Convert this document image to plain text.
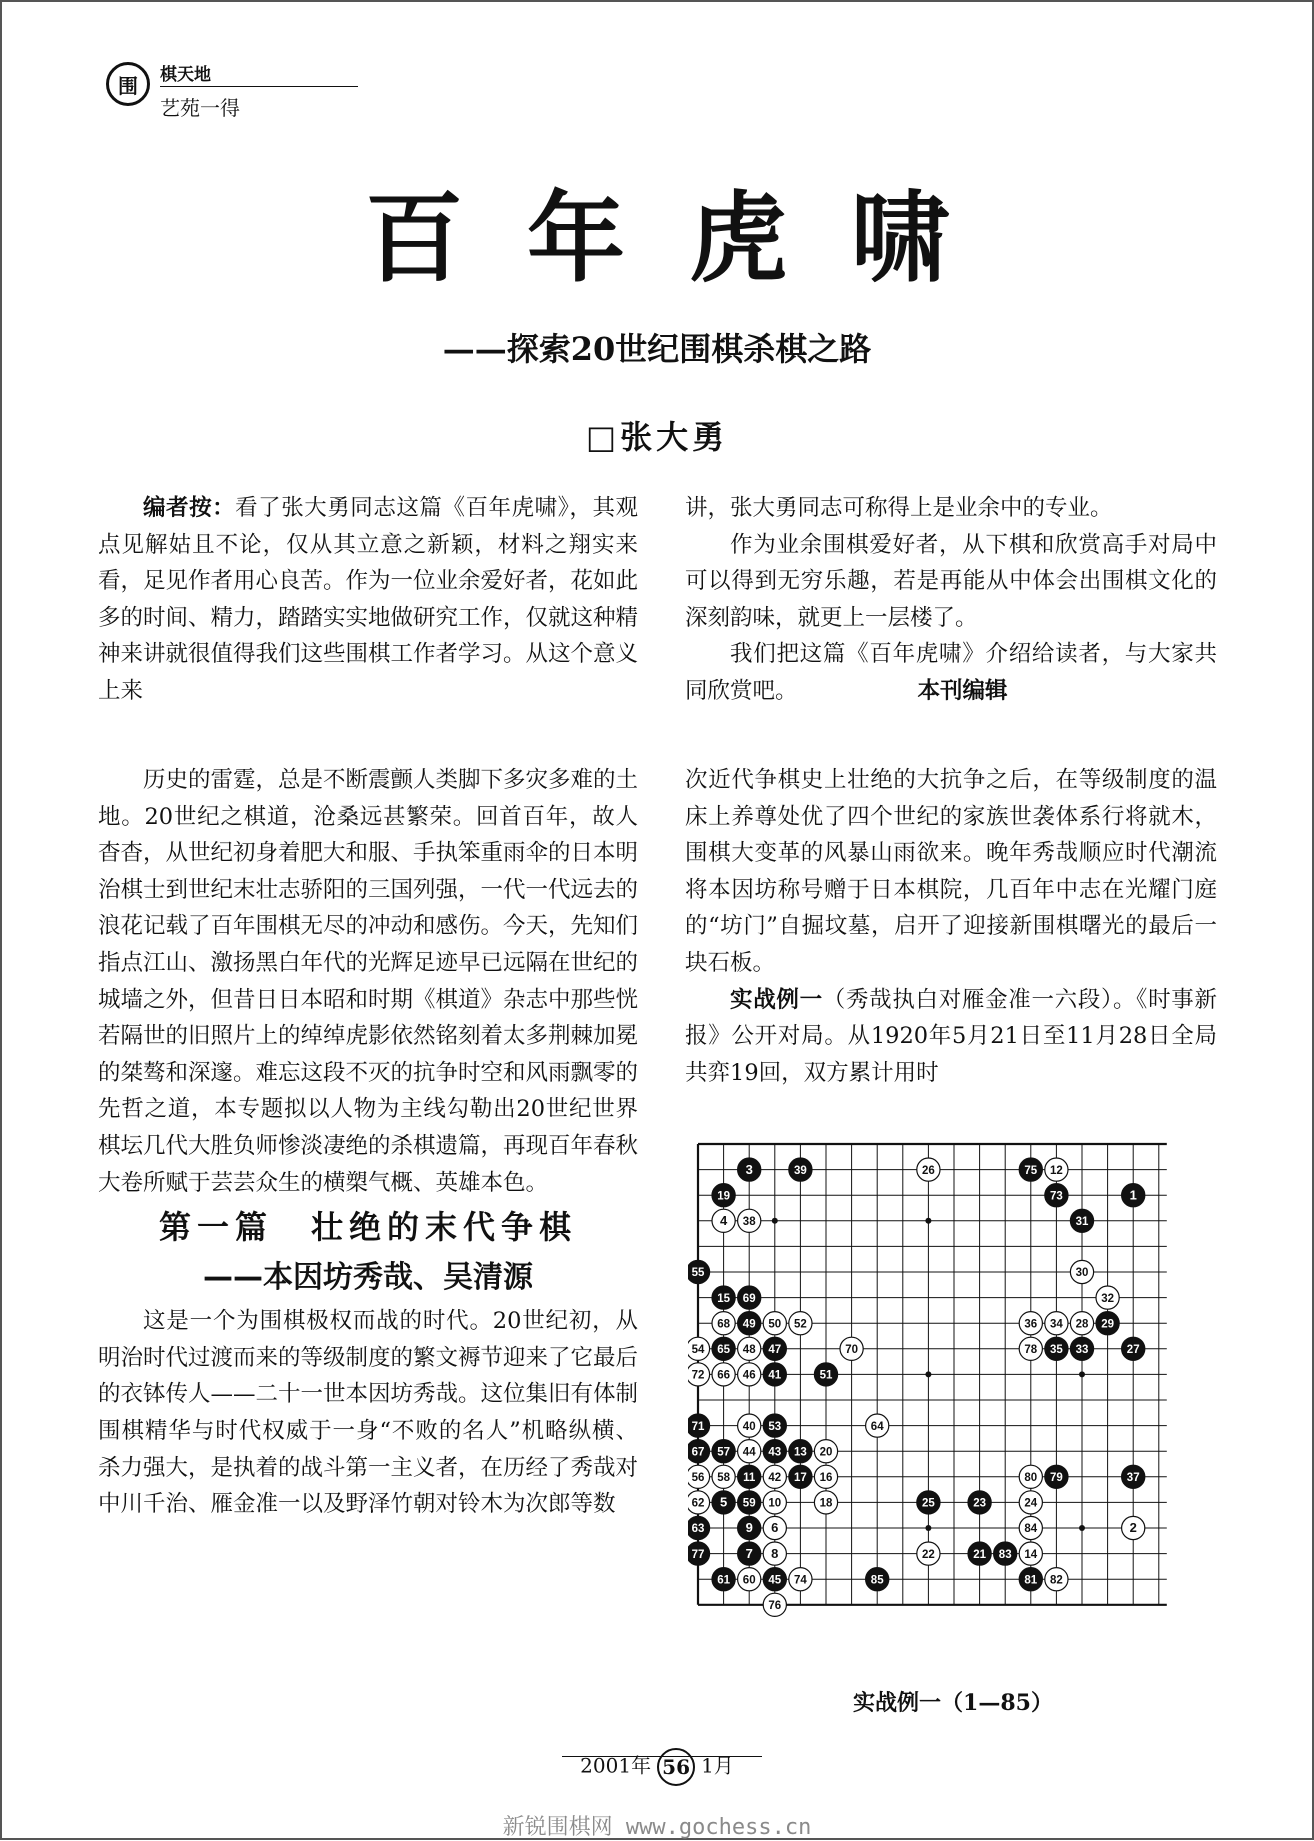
围	棋天地
艺苑一得
百年虎啸
——探索20世纪围棋杀棋之路
□张大勇

编者按：看了张大勇同志这篇《百年虎啸》，其观点见解姑且不论，仅从其立意之新颖，材料之翔实来看，足见作者用心良苦。作为一位业余爱好者，花如此多的时间、精力，踏踏实实地做研究工作，仅就这种精神来讲就很值得我们这些围棋工作者学习。从这个意义上来

讲，张大勇同志可称得上是业余中的专业。

作为业余围棋爱好者，从下棋和欣赏高手对局中可以得到无穷乐趣，若是再能从中体会出围棋文化的深刻韵味，就更上一层楼了。

我们把这篇《百年虎啸》介绍给读者，与大家共同欣赏吧。	本刊编辑

历史的雷霆，总是不断震颤人类脚下多灾多难的土地。20世纪之棋道，沧桑远甚繁荣。回首百年，故人杳杳，从世纪初身着肥大和服、手执笨重雨伞的日本明治棋士到世纪末壮志骄阳的三国列强，一代一代远去的浪花记载了百年围棋无尽的冲动和感伤。今天，先知们指点江山、激扬黑白年代的光辉足迹早已远隔在世纪的城墙之外，但昔日日本昭和时期《棋道》杂志中那些恍若隔世的旧照片上的绰绰虎影依然铭刻着太多荆棘加冕的桀骜和深邃。难忘这段不灭的抗争时空和风雨飘零的先哲之道，本专题拟以人物为主线勾勒出20世纪世界棋坛几代大胜负师惨淡凄绝的杀棋遗篇，再现百年春秋大卷所赋于芸芸众生的横槊气概、英雄本色。

第一篇　壮绝的末代争棋
——本因坊秀哉、吴清源

这是一个为围棋极权而战的时代。20世纪初，从明治时代过渡而来的等级制度的繁文褥节迎来了它最后的衣钵传人——二十一世本因坊秀哉。这位集旧有体制围棋精华与时代权威于一身“不败的名人”机略纵横、杀力强大，是执着的战斗第一主义者，在历经了秀哉对中川千治、雁金准一以及野泽竹朝对铃木为次郎等数

次近代争棋史上壮绝的大抗争之后，在等级制度的温床上养尊处优了四个世纪的家族世袭体系行将就木，围棋大变革的风暴山雨欲来。晚年秀哉顺应时代潮流将本因坊称号赠于日本棋院，几百年中志在光耀门庭的“坊门”自掘坟墓，启开了迎接新围棋曙光的最后一块石板。

实战例一（秀哉执白对雁金准一六段）。《时事新报》公开对局。从1920年5月21日至11月28日全局共弈19回，双方累计用时

1
2
3
4
5
6
7 8
9
10
11
12
13
14
15
16
17
18
19
20
21
22
23	24
25
26
27
28 29
30
31
32
33
34
35
36
37
38
39
40
41
42
43
44
45
46
47
48
49 50
51
52
53
54
55
56
57
58
59
60
61
62
63
64
65
66
67
68
69
70
71
72
73
74
75
76
77
78
79
80
81 82
83
84
85
实战例一（1—85）
2001年 56 1月
新锐围棋网 www.gochess.cn
